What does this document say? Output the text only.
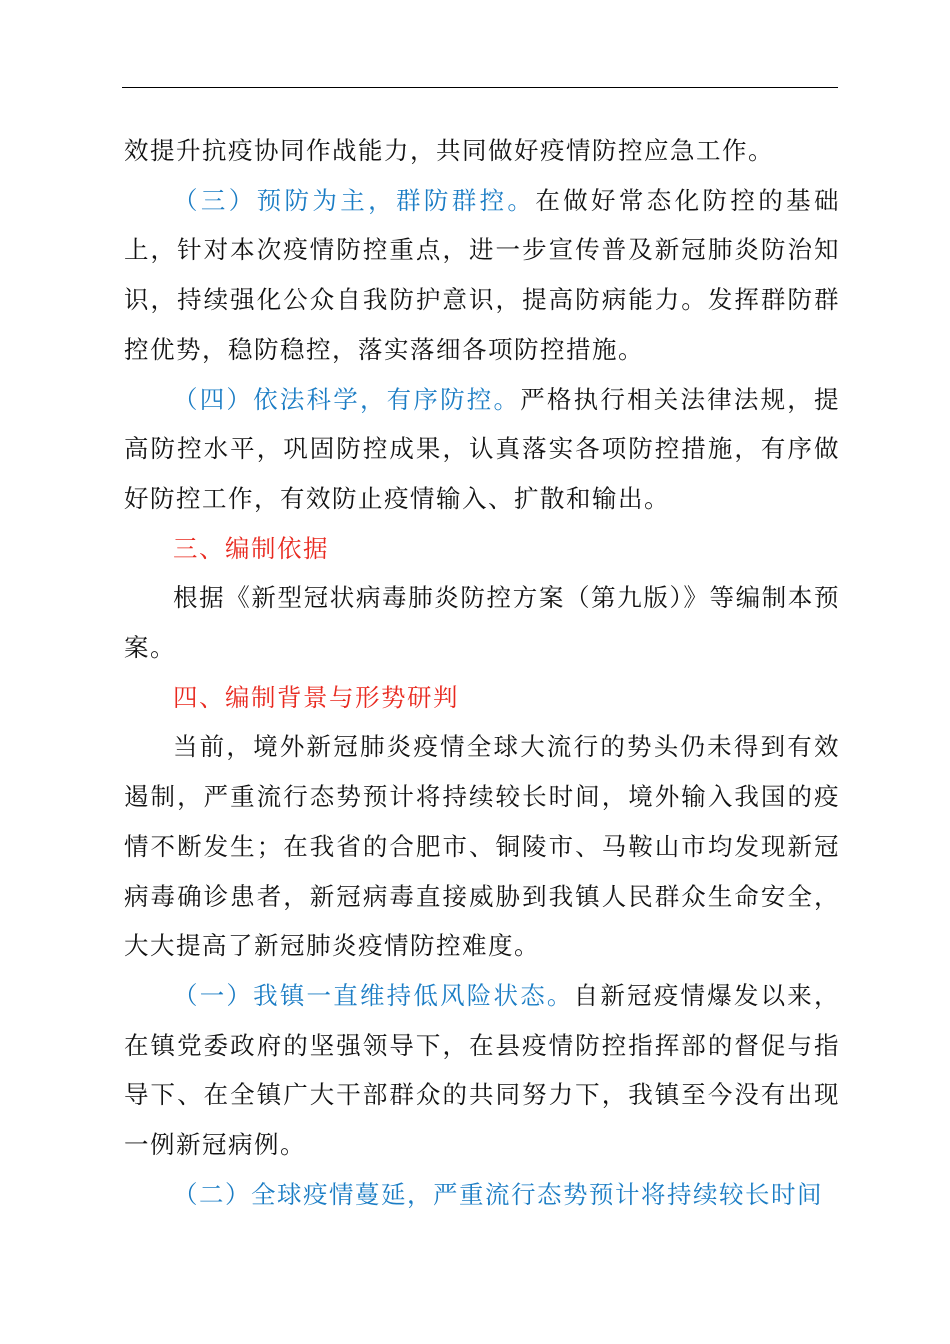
效提升抗疫协同作战能力，共同做好疫情防控应急工作。

（三）预防为主，群防群控。在做好常态化防控的基础上，针对本次疫情防控重点，进一步宣传普及新冠肺炎防治知识，持续强化公众自我防护意识，提高防病能力。发挥群防群控优势，稳防稳控，落实落细各项防控措施。

（四）依法科学，有序防控。严格执行相关法律法规，提高防控水平，巩固防控成果，认真落实各项防控措施，有序做好防控工作，有效防止疫情输入、扩散和输出。

三、编制依据

根据《新型冠状病毒肺炎防控方案（第九版）》等编制本预案。

四、编制背景与形势研判

当前，境外新冠肺炎疫情全球大流行的势头仍未得到有效遏制，严重流行态势预计将持续较长时间，境外输入我国的疫情不断发生；在我省的合肥市、铜陵市、马鞍山市均发现新冠病毒确诊患者，新冠病毒直接威胁到我镇人民群众生命安全，大大提高了新冠肺炎疫情防控难度。

（一）我镇一直维持低风险状态。自新冠疫情爆发以来，在镇党委政府的坚强领导下，在县疫情防控指挥部的督促与指导下、在全镇广大干部群众的共同努力下，我镇至今没有出现一例新冠病例。

（二）全球疫情蔓延，严重流行态势预计将持续较长时间
